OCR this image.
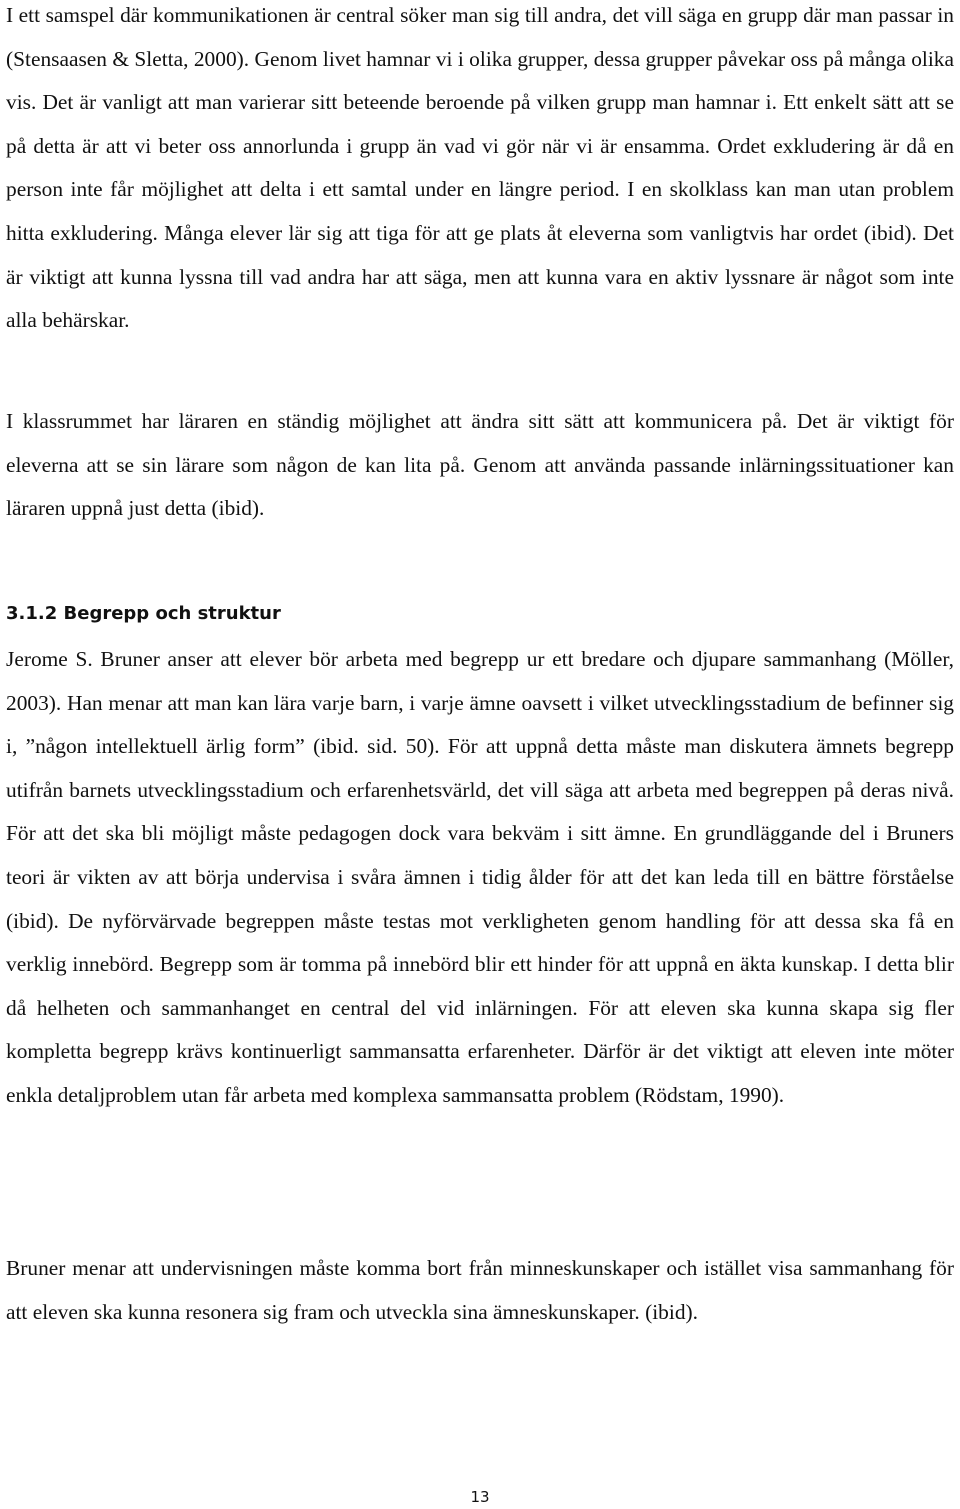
I ett samspel där kommunikationen är central söker man sig till andra, det vill säga en grupp där man passar in (Stensaasen & Sletta, 2000). Genom livet hamnar vi i olika grupper, dessa grupper påvekar oss på många olika vis. Det är vanligt att man varierar sitt beteende beroende på vilken grupp man hamnar i. Ett enkelt sätt att se på detta är att vi beter oss annorlunda i grupp än vad vi gör när vi är ensamma. Ordet exkludering är då en person inte får möjlighet att delta i ett samtal under en längre period. I en skolklass kan man utan problem hitta exkludering. Många elever lär sig att tiga för att ge plats åt eleverna som vanligtvis har ordet (ibid). Det är viktigt att kunna lyssna till vad andra har att säga, men att kunna vara en aktiv lyssnare är något som inte alla behärskar.

I klassrummet har läraren en ständig möjlighet att ändra sitt sätt att kommunicera på. Det är viktigt för eleverna att se sin lärare som någon de kan lita på. Genom att använda passande inlärningssituationer kan läraren uppnå just detta (ibid).

3.1.2 Begrepp och struktur

Jerome S. Bruner anser att elever bör arbeta med begrepp ur ett bredare och djupare sammanhang (Möller, 2003). Han menar att man kan lära varje barn, i varje ämne oavsett i vilket utvecklingsstadium de befinner sig i, ”någon intellektuell ärlig form” (ibid. sid. 50). För att uppnå detta måste man diskutera ämnets begrepp utifrån barnets utvecklingsstadium och erfarenhetsvärld, det vill säga att arbeta med begreppen på deras nivå. För att det ska bli möjligt måste pedagogen dock vara bekväm i sitt ämne. En grundläggande del i Bruners teori är vikten av att börja undervisa i svåra ämnen i tidig ålder för att det kan leda till en bättre förståelse (ibid). De nyförvärvade begreppen måste testas mot verkligheten genom handling för att dessa ska få en verklig innebörd. Begrepp som är tomma på innebörd blir ett hinder för att uppnå en äkta kunskap. I detta blir då helheten och sammanhanget en central del vid inlärningen. För att eleven ska kunna skapa sig fler kompletta begrepp krävs kontinuerligt sammansatta erfarenheter. Därför är det viktigt att eleven inte möter enkla detaljproblem utan får arbeta med komplexa sammansatta problem (Rödstam, 1990).

Bruner menar att undervisningen måste komma bort från minneskunskaper och istället visa sammanhang för att eleven ska kunna resonera sig fram och utveckla sina ämneskunskaper. (ibid).

13
